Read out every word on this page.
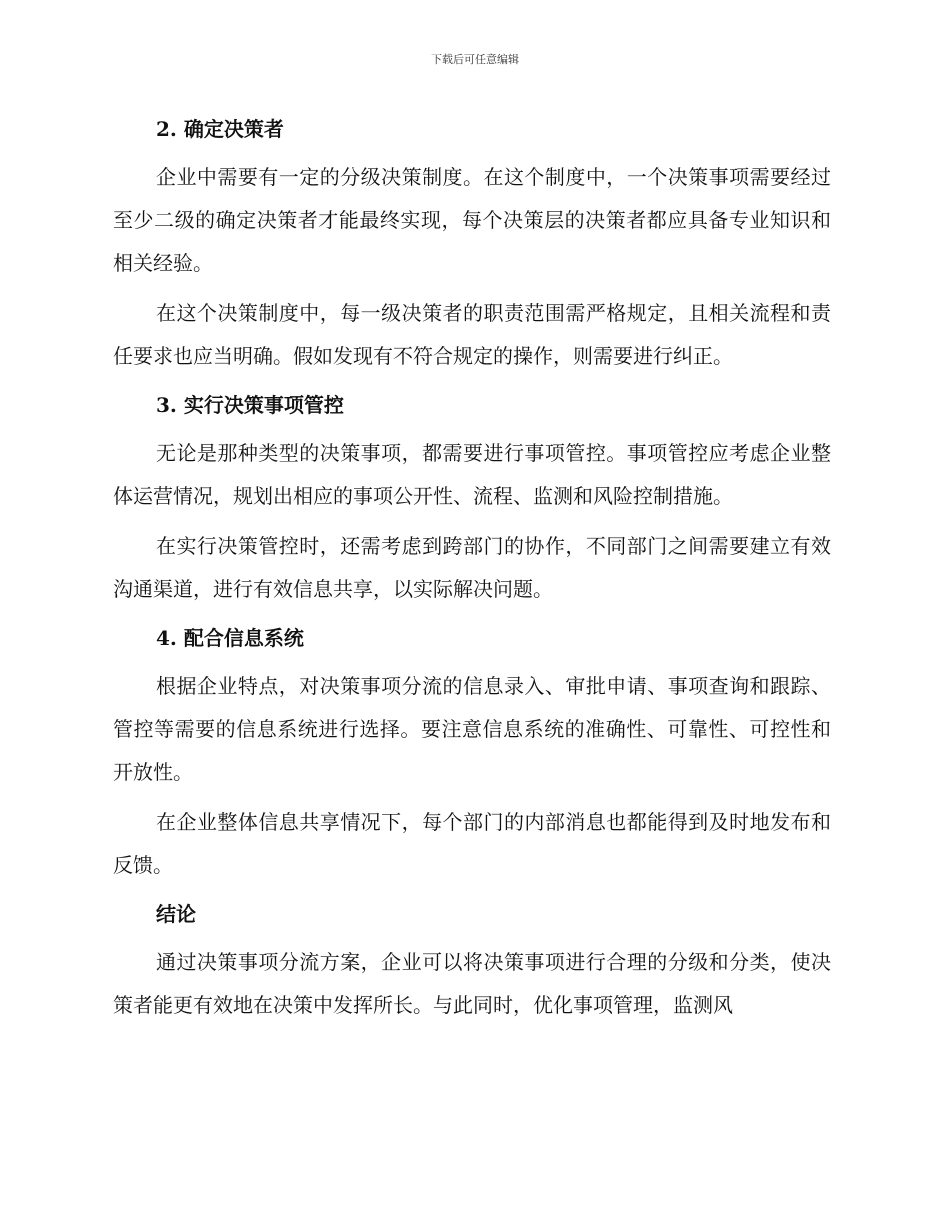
下载后可任意编辑
2. 确定决策者

企业中需要有一定的分级决策制度。在这个制度中，一个决策事项需要经过至少二级的确定决策者才能最终实现，每个决策层的决策者都应具备专业知识和相关经验。

在这个决策制度中，每一级决策者的职责范围需严格规定，且相关流程和责任要求也应当明确。假如发现有不符合规定的操作，则需要进行纠正。

3. 实行决策事项管控

无论是那种类型的决策事项，都需要进行事项管控。事项管控应考虑企业整体运营情况，规划出相应的事项公开性、流程、监测和风险控制措施。

在实行决策管控时，还需考虑到跨部门的协作，不同部门之间需要建立有效沟通渠道，进行有效信息共享，以实际解决问题。

4. 配合信息系统

根据企业特点，对决策事项分流的信息录入、审批申请、事项查询和跟踪、管控等需要的信息系统进行选择。要注意信息系统的准确性、可靠性、可控性和开放性。

在企业整体信息共享情况下，每个部门的内部消息也都能得到及时地发布和反馈。

结论

通过决策事项分流方案，企业可以将决策事项进行合理的分级和分类，使决策者能更有效地在决策中发挥所长。与此同时，优化事项管理，监测风
